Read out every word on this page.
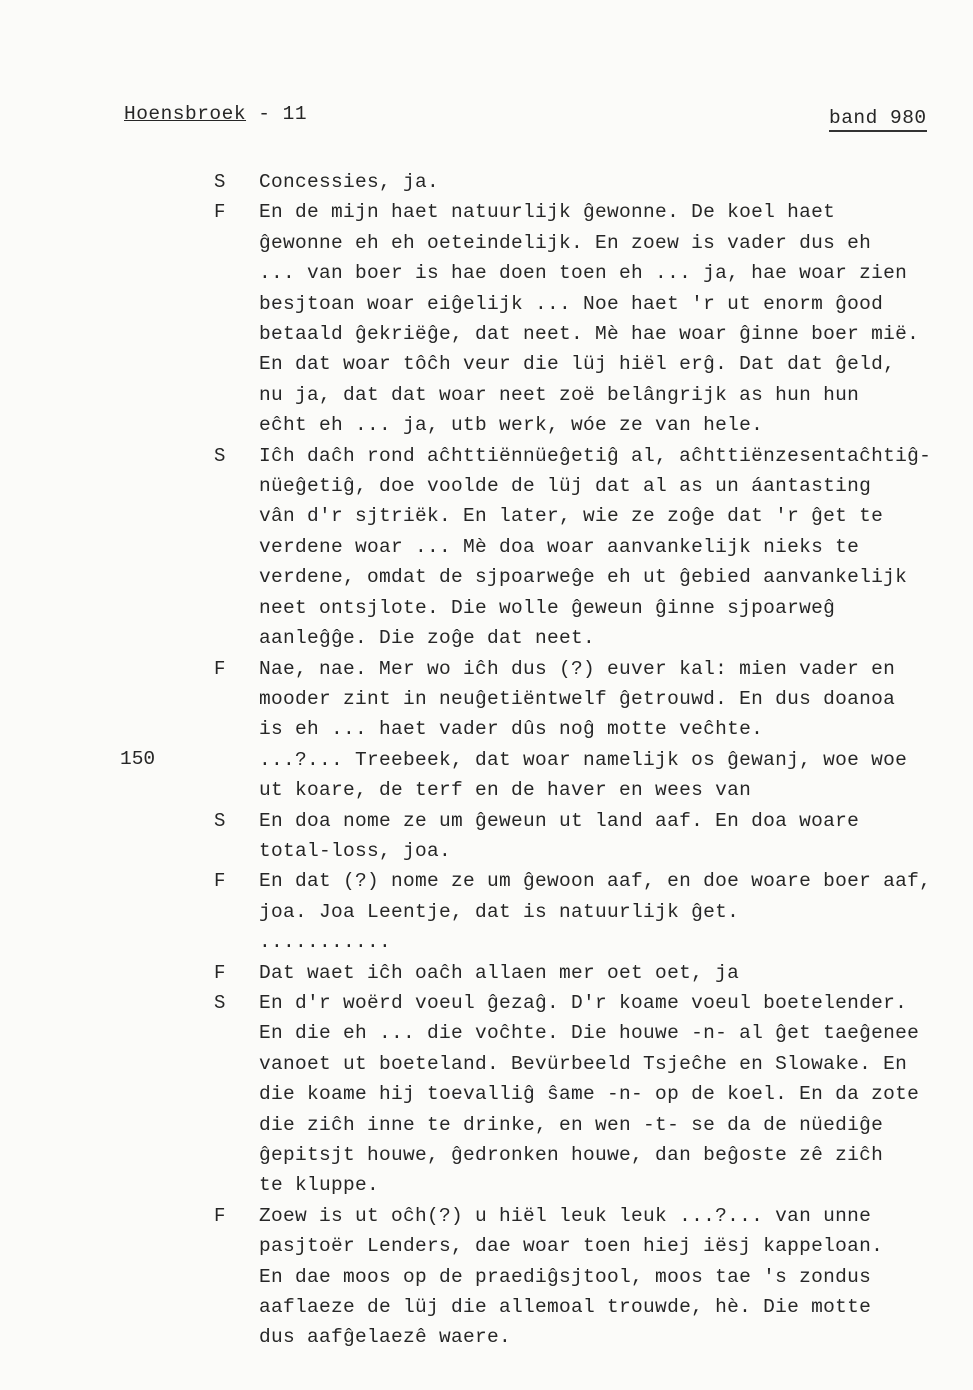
Hoensbroek - 11	band 980
150
S	Concessies, ja.
F	En de mijn haet natuurlijk ĝewonne. De koel haet
ĝewonne eh eh oeteindelijk. En zoew is vader dus eh
... van boer is hae doen toen eh ... ja, hae woar zien
besjtoan woar eiĝelijk ... Noe haet 'r ut enorm ĝood
betaald ĝekriëĝe, dat neet. Mè hae woar ĝinne boer mië.
En dat woar tôĉh veur die lüj hiël erĝ. Dat dat ĝeld,
nu ja, dat dat woar neet zoë belângrijk as hun hun
eĉht eh ... ja, utb werk, wóe ze van hele.
S	Iĉh daĉh rond aĉhttiënnüeĝetiĝ al, aĉhttiënzesentaĉhtiĝ-
nüeĝetiĝ, doe voolde de lüj dat al as un áantasting
vân d'r sjtriëk. En later, wie ze zoĝe dat 'r ĝet te
verdene woar ... Mè doa woar aanvankelijk nieks te
verdene, omdat de sjpoarweĝe eh ut ĝebied aanvankelijk
neet ontsjlote. Die wolle ĝeweun ĝinne sjpoarweĝ
aanleĝĝe. Die zoĝe dat neet.
F	Nae, nae. Mer wo iĉh dus (?) euver kal: mien vader en
mooder zint in neuĝetiëntwelf ĝetrouwd. En dus doanoa
is eh ... haet vader dûs noĝ motte veĉhte.
...?... Treebeek, dat woar namelijk os ĝewanj, woe woe
ut koare, de terf en de haver en wees van
S	En doa nome ze um ĝeweun ut land aaf. En doa woare
total-loss, joa.
F	En dat (?) nome ze um ĝewoon aaf, en doe woare boer aaf,
joa. Joa Leentje, dat is natuurlijk ĝet.
...........
F	Dat waet iĉh oaĉh allaen mer oet oet, ja
S	En d'r woërd voeul ĝezaĝ. D'r koame voeul boetelender.
En die eh ... die voĉhte. Die houwe -n- al ĝet taeĝenee
vanoet ut boeteland. Bevürbeeld Tsjeĉhe en Slowake. En
die koame hij toevalliĝ ŝame -n- op de koel. En da zote
die ziĉh inne te drinke, en wen -t- se da de nüediĝe
ĝepitsjt houwe, ĝedronken houwe, dan beĝoste zê ziĉh
te kluppe.
F	Zoew is ut oĉh(?) u hiël leuk leuk ...?... van unne
pasjtoër Lenders, dae woar toen hiej iësj kappeloan.
En dae moos op de praediĝsjtool, moos tae 's zondus
aaflaeze de lüj die allemoal trouwde, hè. Die motte
dus aafĝelaezê waere.
